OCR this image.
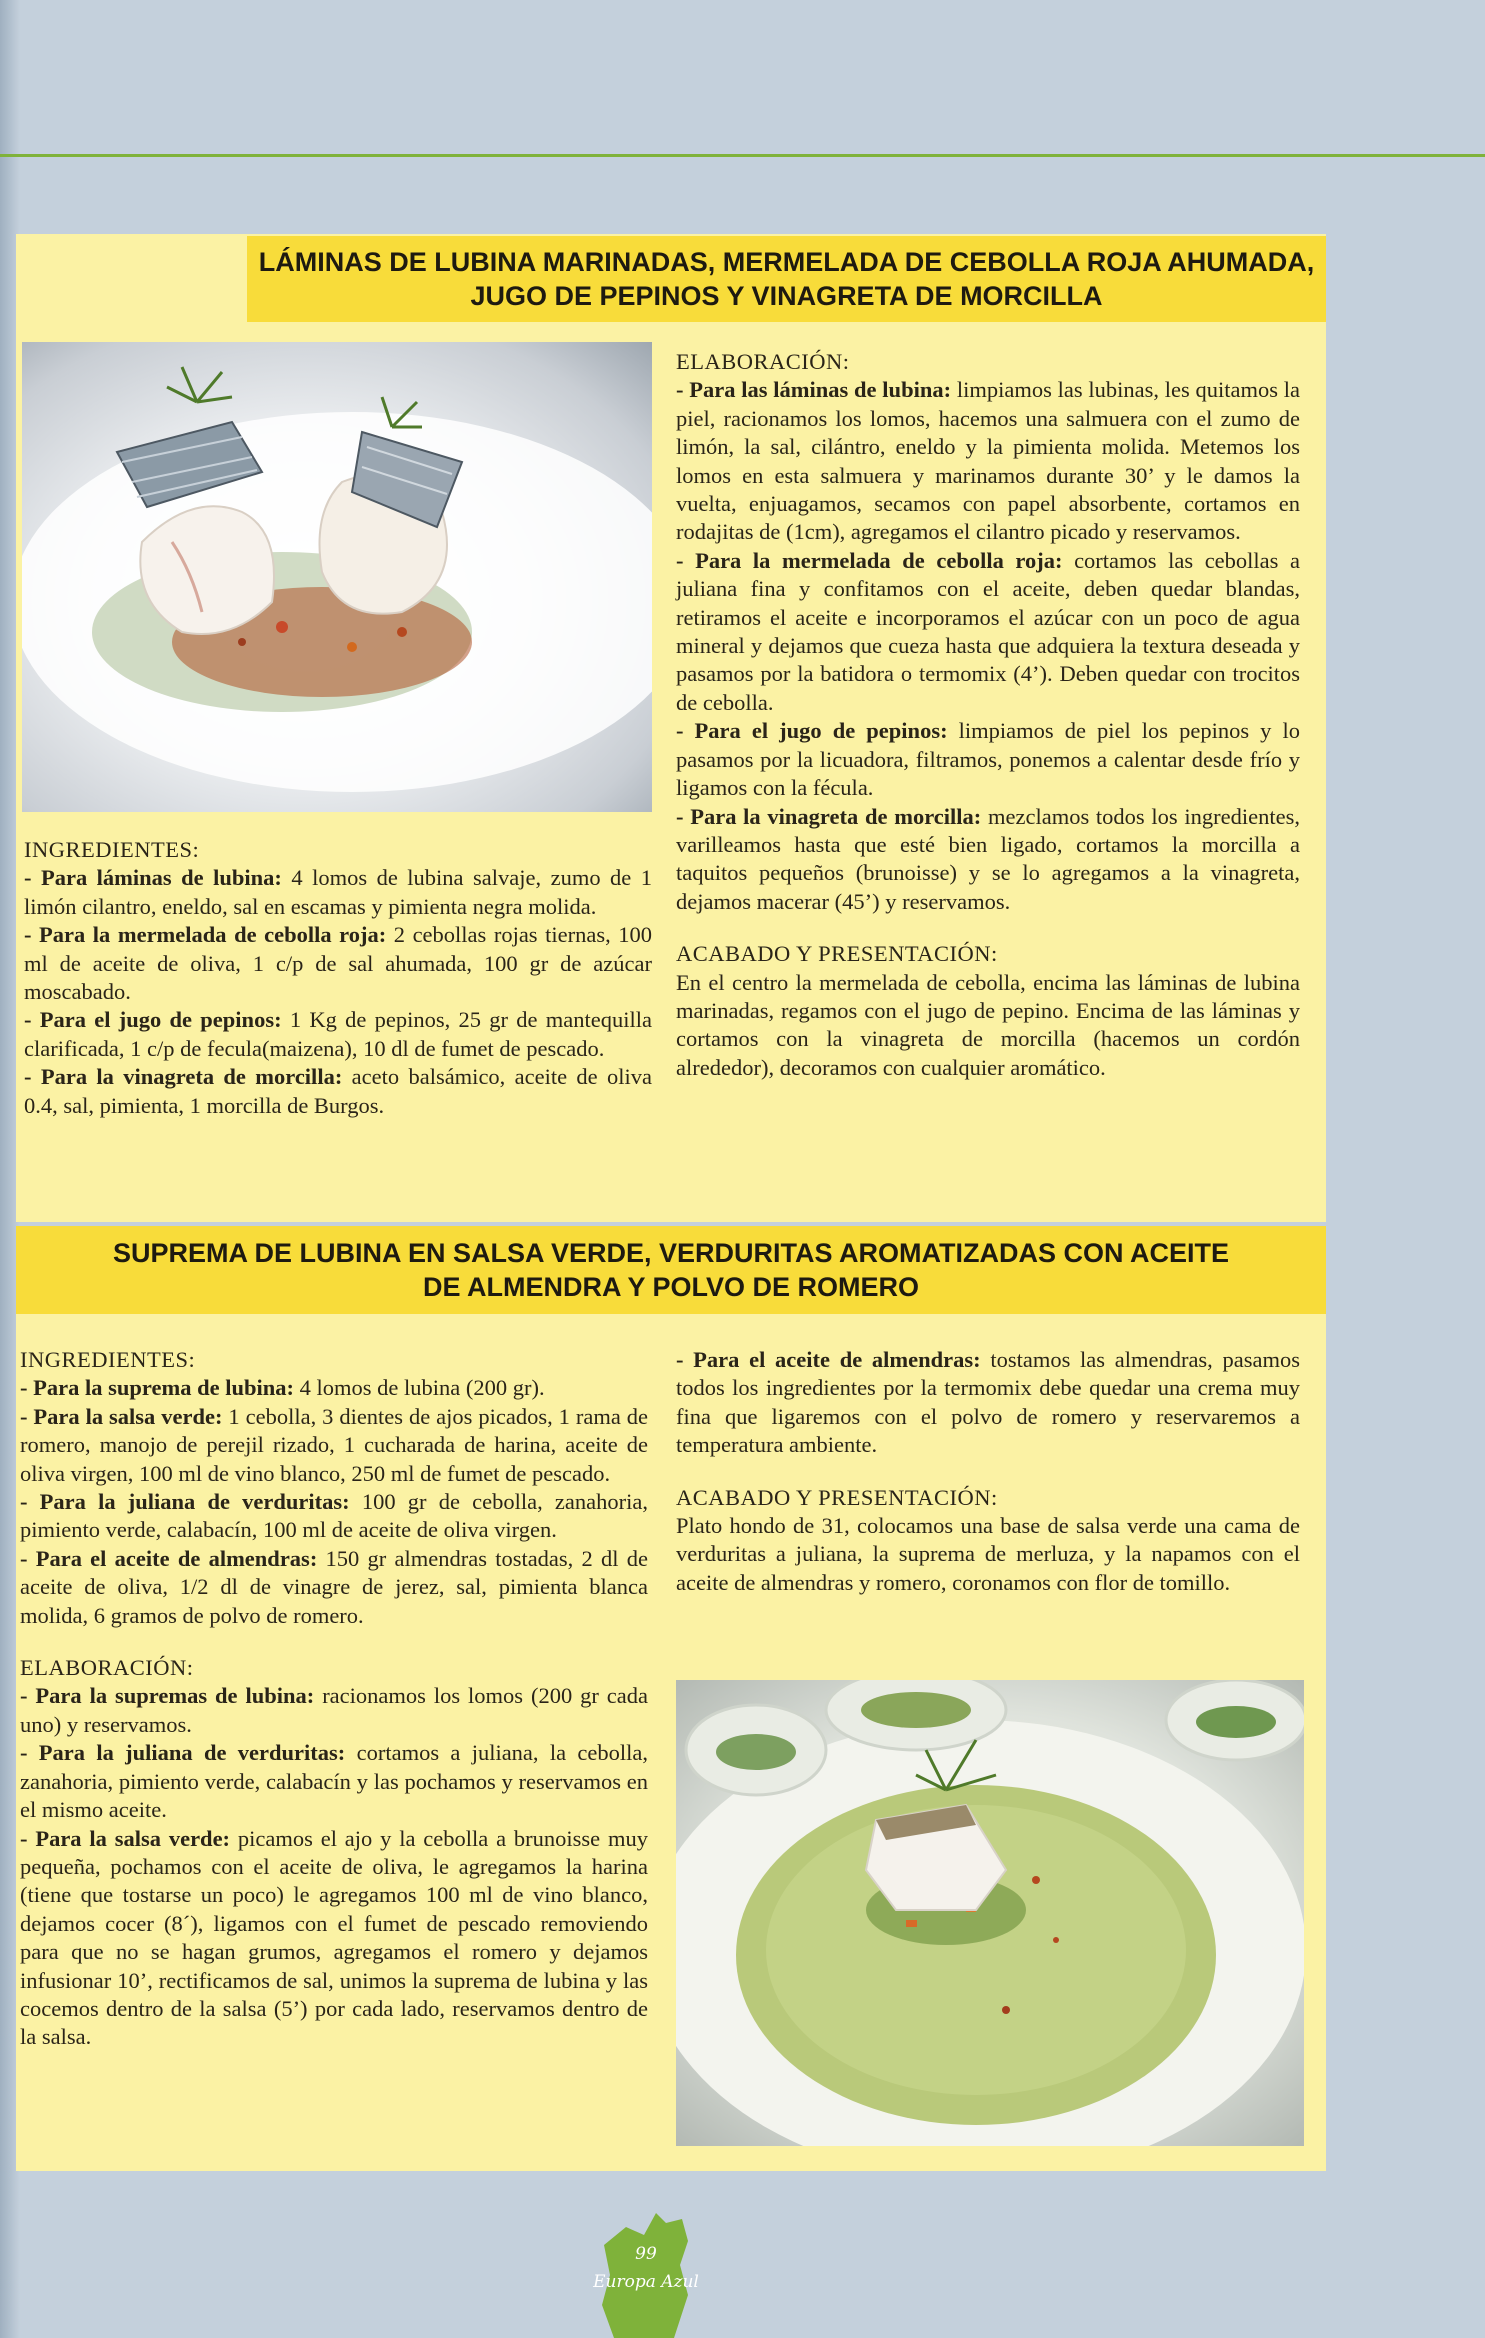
LÁMINAS DE LUBINA MARINADAS, MERMELADA DE CEBOLLA ROJA AHUMADA,
JUGO DE PEPINOS Y VINAGRETA DE MORCILLA

INGREDIENTES:

- Para láminas de lubina: 4 lomos de lubina salvaje, zumo de 1 limón cilantro, eneldo, sal en escamas y pimienta negra molida.

- Para la mermelada de cebolla roja: 2 cebollas rojas tiernas, 100 ml de aceite de oliva, 1 c/p de sal ahumada, 100 gr de azúcar moscabado.

- Para el jugo de pepinos: 1 Kg de pepinos, 25 gr de mantequilla clarificada, 1 c/p de fecula(maizena), 10 dl de fumet de pescado.

- Para la vinagreta de morcilla: aceto balsámico, aceite de oliva 0.4, sal, pimienta, 1 morcilla de Burgos.

ELABORACIÓN:

- Para las láminas de lubina: limpiamos las lubinas, les quitamos la piel, racionamos los lomos, hacemos una salmuera con el zumo de limón, la sal, cilántro, eneldo y la pimienta molida. Metemos los lomos en esta salmuera y marinamos durante 30’ y le damos la vuelta, enjuagamos, secamos con papel absorbente, cortamos en rodajitas de (1cm), agregamos el cilantro picado y reservamos.

- Para la mermelada de cebolla roja: cortamos las cebollas a juliana fina y confitamos con el aceite, deben quedar blandas, retiramos el aceite e incorporamos el azúcar con un poco de agua mineral y dejamos que cueza hasta que adquiera la textura deseada y pasamos por la batidora o termomix (4’). Deben quedar con trocitos de cebolla.

- Para el jugo de pepinos: limpiamos de piel los pepinos y lo pasamos por la licuadora, filtramos, ponemos a calentar desde frío y ligamos con la fécula.

- Para la vinagreta de morcilla: mezclamos todos los ingredientes, varilleamos hasta que esté bien ligado, cortamos la morcilla a taquitos pequeños (brunoisse) y se lo agregamos a la vinagreta, dejamos macerar (45’) y reservamos.

ACABADO Y PRESENTACIÓN:

En el centro la mermelada de cebolla, encima las láminas de lubina marinadas, regamos con el jugo de pepino. Encima de las láminas y cortamos con la vinagreta de morcilla (hacemos un cordón alrededor), decoramos con cualquier aromático.

SUPREMA DE LUBINA EN SALSA VERDE, VERDURITAS AROMATIZADAS CON ACEITE
DE ALMENDRA Y POLVO DE ROMERO

INGREDIENTES:

- Para la suprema de lubina: 4 lomos de lubina (200 gr).

- Para la salsa verde: 1 cebolla, 3 dientes de ajos picados, 1 rama de romero, manojo de perejil rizado, 1 cucharada de harina, aceite de oliva virgen, 100 ml de vino blanco, 250 ml de fumet de pescado.

- Para la juliana de verduritas: 100 gr de cebolla, zanahoria, pimiento verde, calabacín, 100 ml de aceite de oliva virgen.

- Para el aceite de almendras: 150 gr almendras tostadas, 2 dl de aceite de oliva, 1/2 dl de vinagre de jerez, sal, pimienta blanca molida, 6 gramos de polvo de romero.

ELABORACIÓN:

- Para la supremas de lubina: racionamos los lomos (200 gr cada uno) y reservamos.

- Para la juliana de verduritas: cortamos a juliana, la cebolla, zanahoria, pimiento verde, calabacín y las pochamos y reservamos en el mismo aceite.

- Para la salsa verde: picamos el ajo y la cebolla a brunoisse muy pequeña, pochamos con el aceite de oliva, le agregamos la harina (tiene que tostarse un poco) le agregamos 100 ml de vino blanco, dejamos cocer (8´), ligamos con el fumet de pescado removiendo para que no se hagan grumos, agregamos el romero y dejamos infusionar 10’, rectificamos de sal, unimos la suprema de lubina y las cocemos dentro de la salsa (5’) por cada lado, reservamos dentro de la salsa.

- Para el aceite de almendras: tostamos las almendras, pasamos todos los ingredientes por la termomix debe quedar una crema muy fina que ligaremos con el polvo de romero y reservaremos a temperatura ambiente.

ACABADO Y PRESENTACIÓN:

Plato hondo de 31, colocamos una base de salsa verde una cama de verduritas a juliana, la suprema de merluza, y la napamos con el aceite de almendras y romero, coronamos con flor de tomillo.

99
Europa Azul
